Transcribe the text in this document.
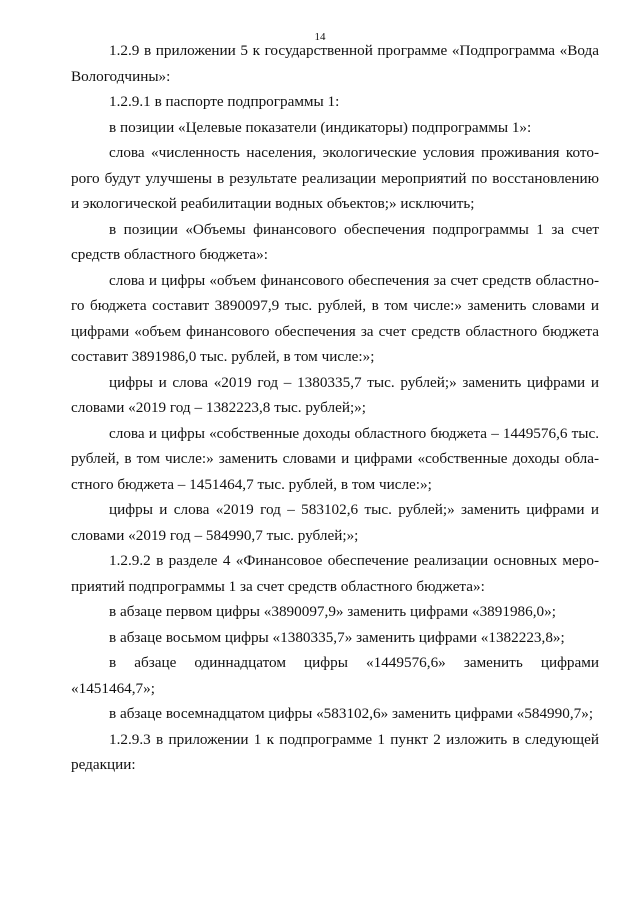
14

1.2.9 в приложении 5 к государственной программе «Подпрограмма «Вода Вологодчины»:

1.2.9.1 в паспорте подпрограммы 1:

в позиции «Целевые показатели (индикаторы) подпрограммы 1»:

слова «численность населения, экологические условия проживания которого будут улучшены в результате реализации мероприятий по восстановлению и экологической реабилитации водных объектов;» исключить;

в позиции «Объемы финансового обеспечения подпрограммы 1 за счет средств областного бюджета»:

слова и цифры «объем финансового обеспечения за счет средств областного бюджета составит 3890097,9 тыс. рублей, в том числе:» заменить словами и цифрами «объем финансового обеспечения за счет средств областного бюджета составит 3891986,0 тыс. рублей, в том числе:»;

цифры и слова «2019 год – 1380335,7 тыс. рублей;» заменить цифрами и словами «2019 год – 1382223,8 тыс. рублей;»;

слова и цифры «собственные доходы областного бюджета – 1449576,6 тыс. рублей, в том числе:» заменить словами и цифрами «собственные доходы областного бюджета – 1451464,7 тыс. рублей, в том числе:»;

цифры и слова «2019 год – 583102,6 тыс. рублей;» заменить цифрами и словами «2019 год – 584990,7 тыс. рублей;»;

1.2.9.2 в разделе 4 «Финансовое обеспечение реализации основных мероприятий подпрограммы 1 за счет средств областного бюджета»:

в абзаце первом цифры «3890097,9» заменить цифрами «3891986,0»;

в абзаце восьмом цифры «1380335,7» заменить цифрами «1382223,8»;

в абзаце одиннадцатом цифры «1449576,6» заменить цифрами «1451464,7»;

в абзаце восемнадцатом цифры «583102,6» заменить цифрами «584990,7»;

1.2.9.3 в приложении 1 к подпрограмме 1 пункт 2 изложить в следующей редакции:
